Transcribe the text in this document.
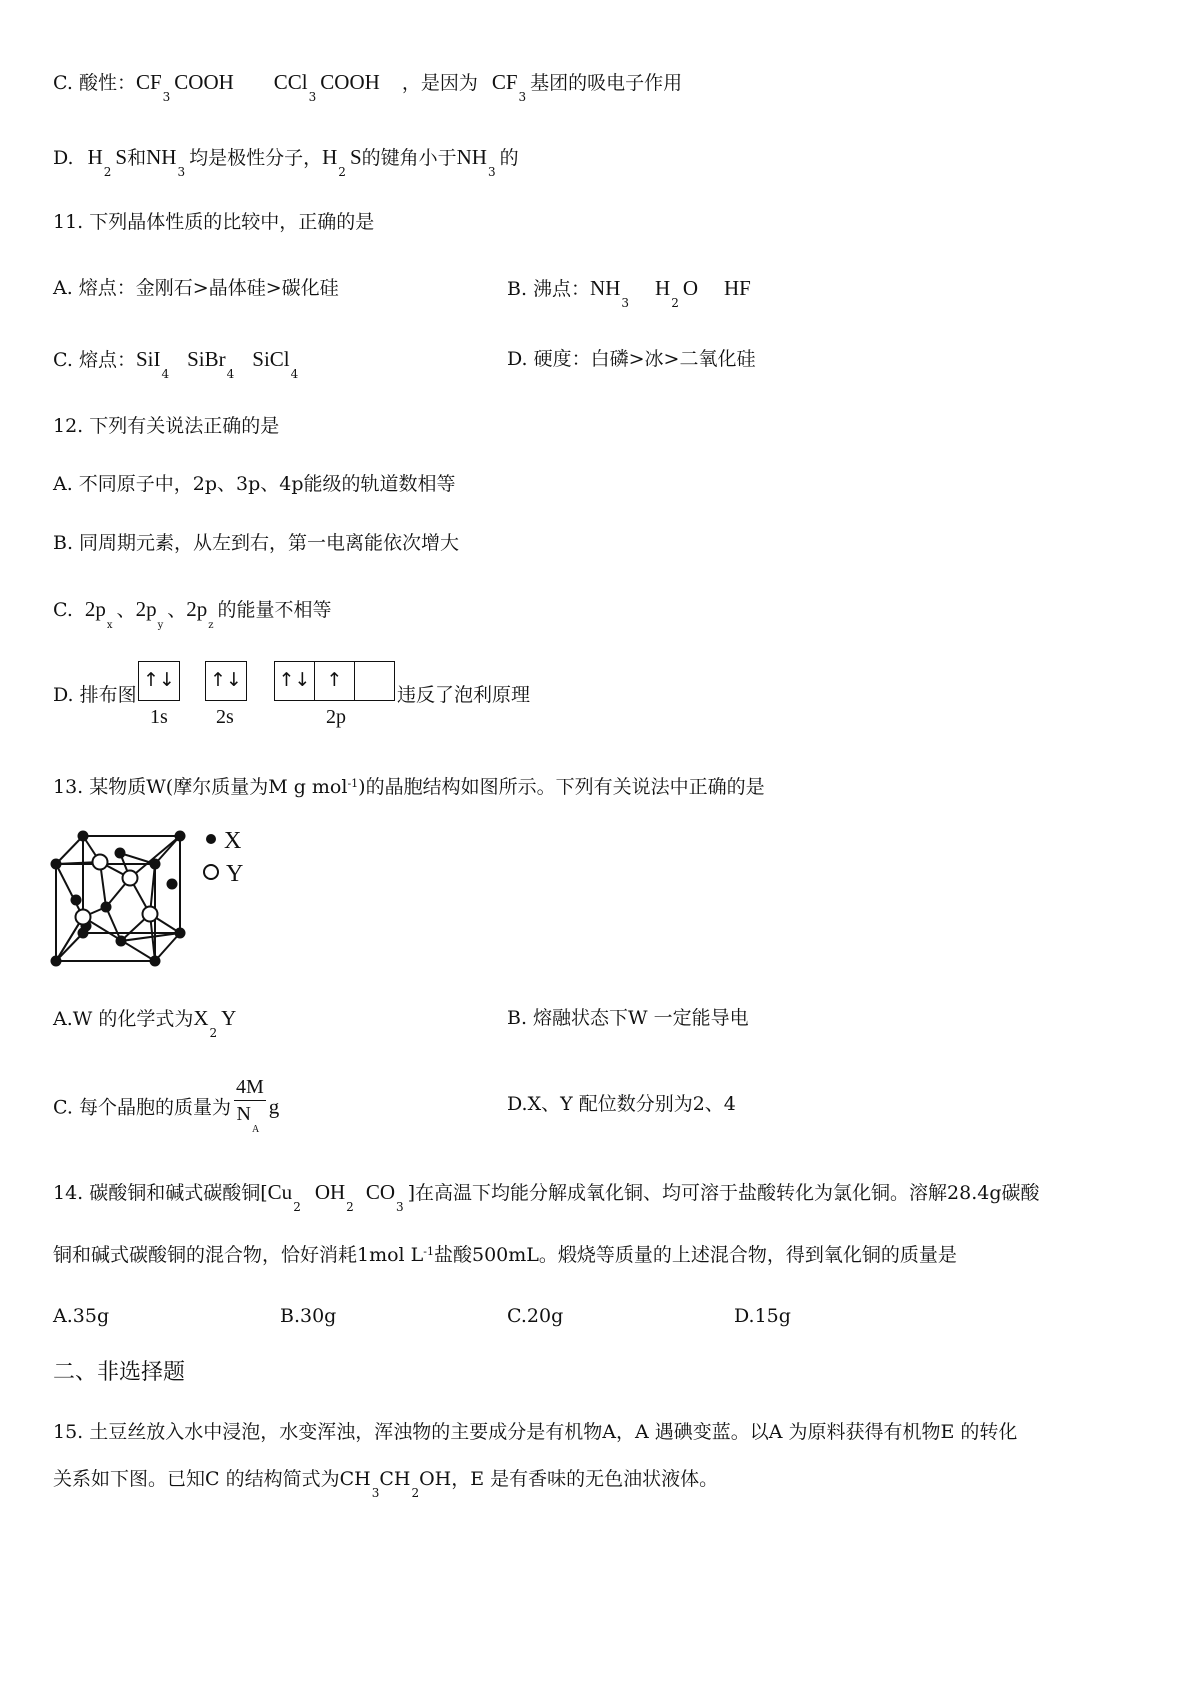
C. 酸性：$CF_3COOH$ CCl$_3$COOH ，是因为 $CF_3$基团的吸电子作用
D. $H_2S$和$NH_3$均是极性分子，$H_2S$的键角小于$NH_3$的
11. 下列晶体性质的比较中，正确的是
A. 熔点：金刚石>晶体硅>碳化硅	B. 沸点：$NH_3H_2O$ HF
C. 熔点：SiI$_4$SiBr$_4$SiCl$_4$
D. 硬度：白磷>冰>二氧化硅
12. 下列有关说法正确的是
A. 不同原子中，2p、3p、4p能级的轨道数相等
B. 同周期元素，从左到右，第一电离能依次增大
C. $2p_x$、$2p_y$、$2p_z$的能量不相等
D. 排布图
↑↓ ↑↓ ↑↓ ↑
1s 2s	2p
违反了泡利原理
13. 某物质W(摩尔质量为M g mol$^{-1}$)的晶胞结构如图所示。下列有关说法中正确的是
X
Y
A.W 的化学式为$X_2Y$	B. 熔融状态下W 一定能导电
C. 每个晶胞的质量为 $\frac{4M}{N_A}$ g	D.X、Y 配位数分别为2、4
14. 碳酸铜和碱式碳酸铜$[Cu_2OH_2CO_3]$在高温下均能分解成氧化铜、均可溶于盐酸转化为氯化铜。溶解28.4g碳酸
铜和碱式碳酸铜的混合物，恰好消耗1mol $L^{-1}$盐酸500mL。煅烧等质量的上述混合物，得到氧化铜的质量是
A.35g	B.30g	C.20g	D.15g
二、非选择题
15. 土豆丝放入水中浸泡，水变浑浊，浑浊物的主要成分是有机物A，A 遇碘变蓝。以A 为原料获得有机物E 的转化
关系如下图。已知C 的结构简式为$CH_3CH_2OH$，E 是有香味的无色油状液体。
